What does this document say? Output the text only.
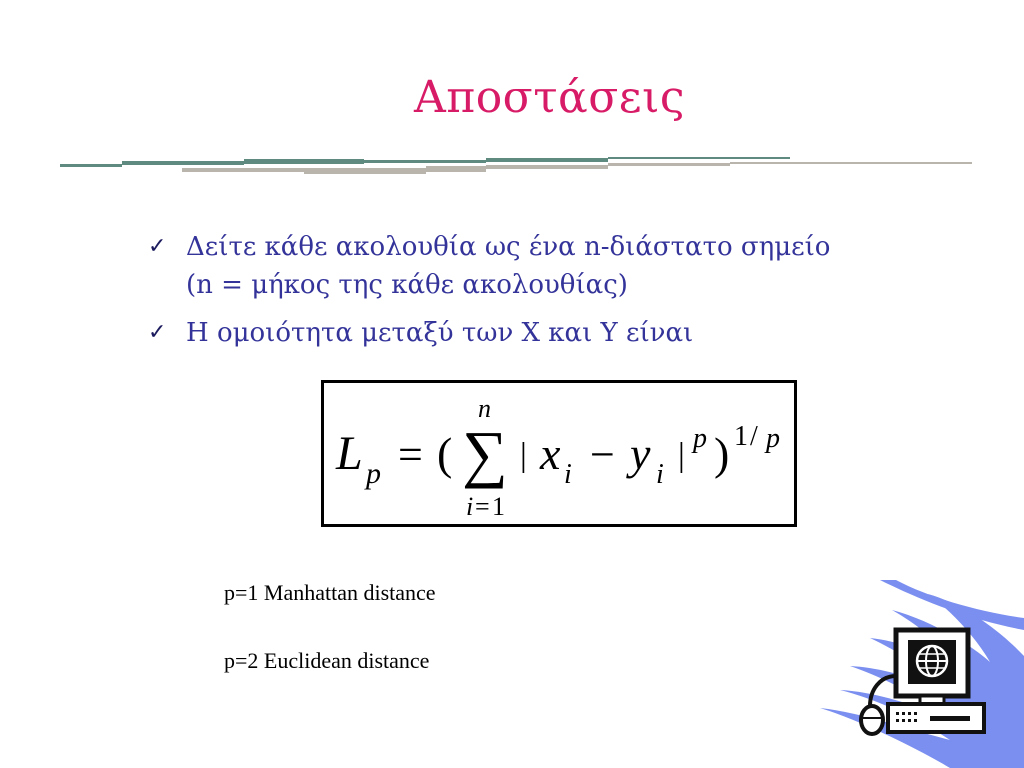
Αποστάσεις
✓ Δείτε κάθε ακολουθία ως ένα n-διάστατο σημείο
(n = μήκος της κάθε ακολουθίας)
✓ Η ομοιότητα μεταξύ των X και Y είναι
L p = (
n
∑
i = 1
| x i − y i
| p ) 1 / p
p=1 Manhattan distance
p=2 Euclidean distance
